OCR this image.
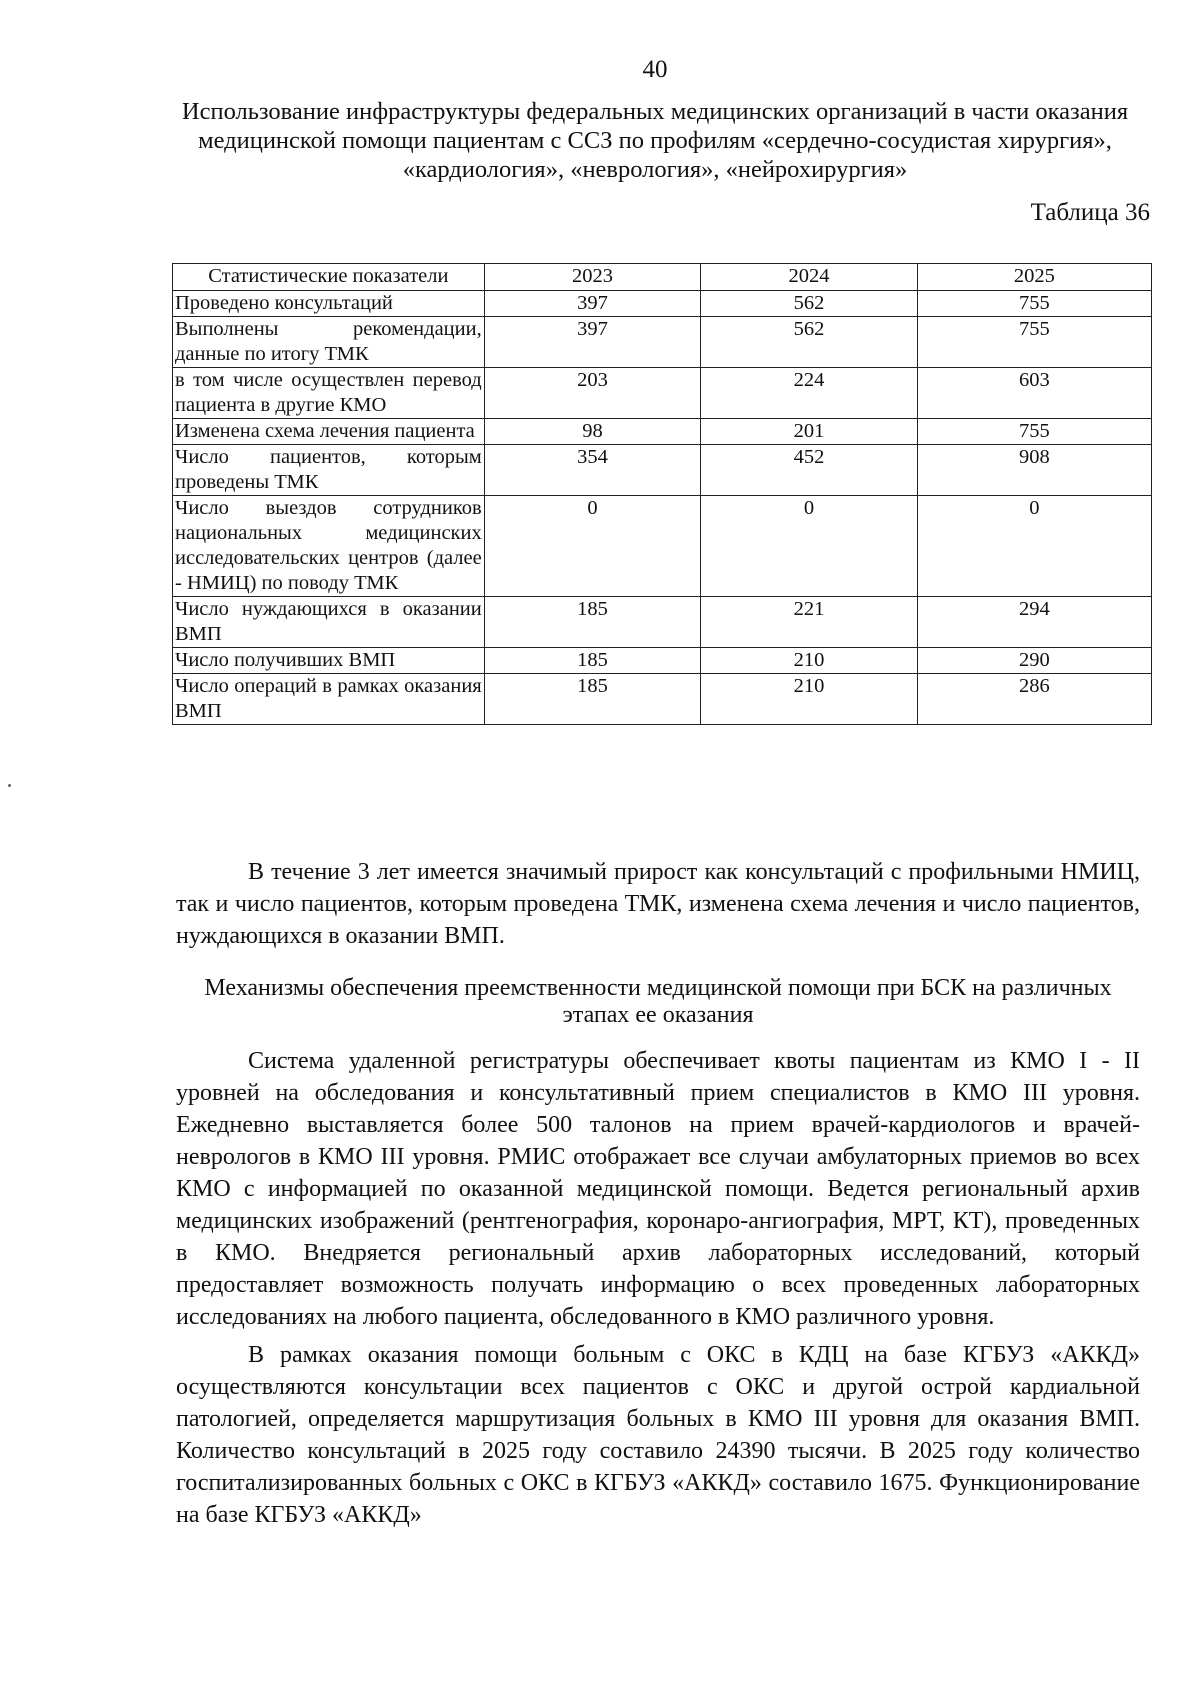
40
Использование инфраструктуры федеральных медицинских организаций в части оказания медицинской помощи пациентам с ССЗ по профилям «сердечно-сосудистая хирургия», «кардиология», «неврология», «нейрохирургия»
Таблица 36
Статистические показатели	2023	2024	2025
Проведено консультаций	397	562	755
Выполнены рекомендации, данные по итогу ТМК	397	562	755
в том числе осуществлен перевод пациента в другие КМО	203	224	603
Изменена схема лечения пациента	98	201	755
Число пациентов, которым проведены ТМК	354	452	908
Число выездов сотрудников национальных медицинских исследовательских центров (далее - НМИЦ) по поводу ТМК	0	0	0
Число нуждающихся в оказании ВМП	185	221	294
Число получивших ВМП	185	210	290
Число операций в рамках оказания ВМП	185	210	286

В течение 3 лет имеется значимый прирост как консультаций с профильными НМИЦ, так и число пациентов, которым проведена ТМК, изменена схема лечения и число пациентов, нуждающихся в оказании ВМП.

Механизмы обеспечения преемственности медицинской помощи при БСК на различных этапах ее оказания

Система удаленной регистратуры обеспечивает квоты пациентам из КМО I - II уровней на обследования и консультативный прием специалистов в КМО III уровня. Ежедневно выставляется более 500 талонов на прием врачей-кардиологов и врачей-неврологов в КМО III уровня. РМИС отображает все случаи амбулаторных приемов во всех КМО с информацией по оказанной медицинской помощи. Ведется региональный архив медицинских изображений (рентгенография, коронаро-ангиография, МРТ, КТ), проведенных в КМО. Внедряется региональный архив лабораторных исследований, который предоставляет возможность получать информацию о всех проведенных лабораторных исследованиях на любого пациента, обследованного в КМО различного уровня.

В рамках оказания помощи больным с ОКС в КДЦ на базе КГБУЗ «АККД» осуществляются консультации всех пациентов с ОКС и другой острой кардиальной патологией, определяется маршрутизация больных в КМО III уровня для оказания ВМП. Количество консультаций в 2025 году составило 24390 тысячи. В 2025 году количество госпитализированных больных с ОКС в КГБУЗ «АККД» составило 1675. Функционирование на базе КГБУЗ «АККД»
